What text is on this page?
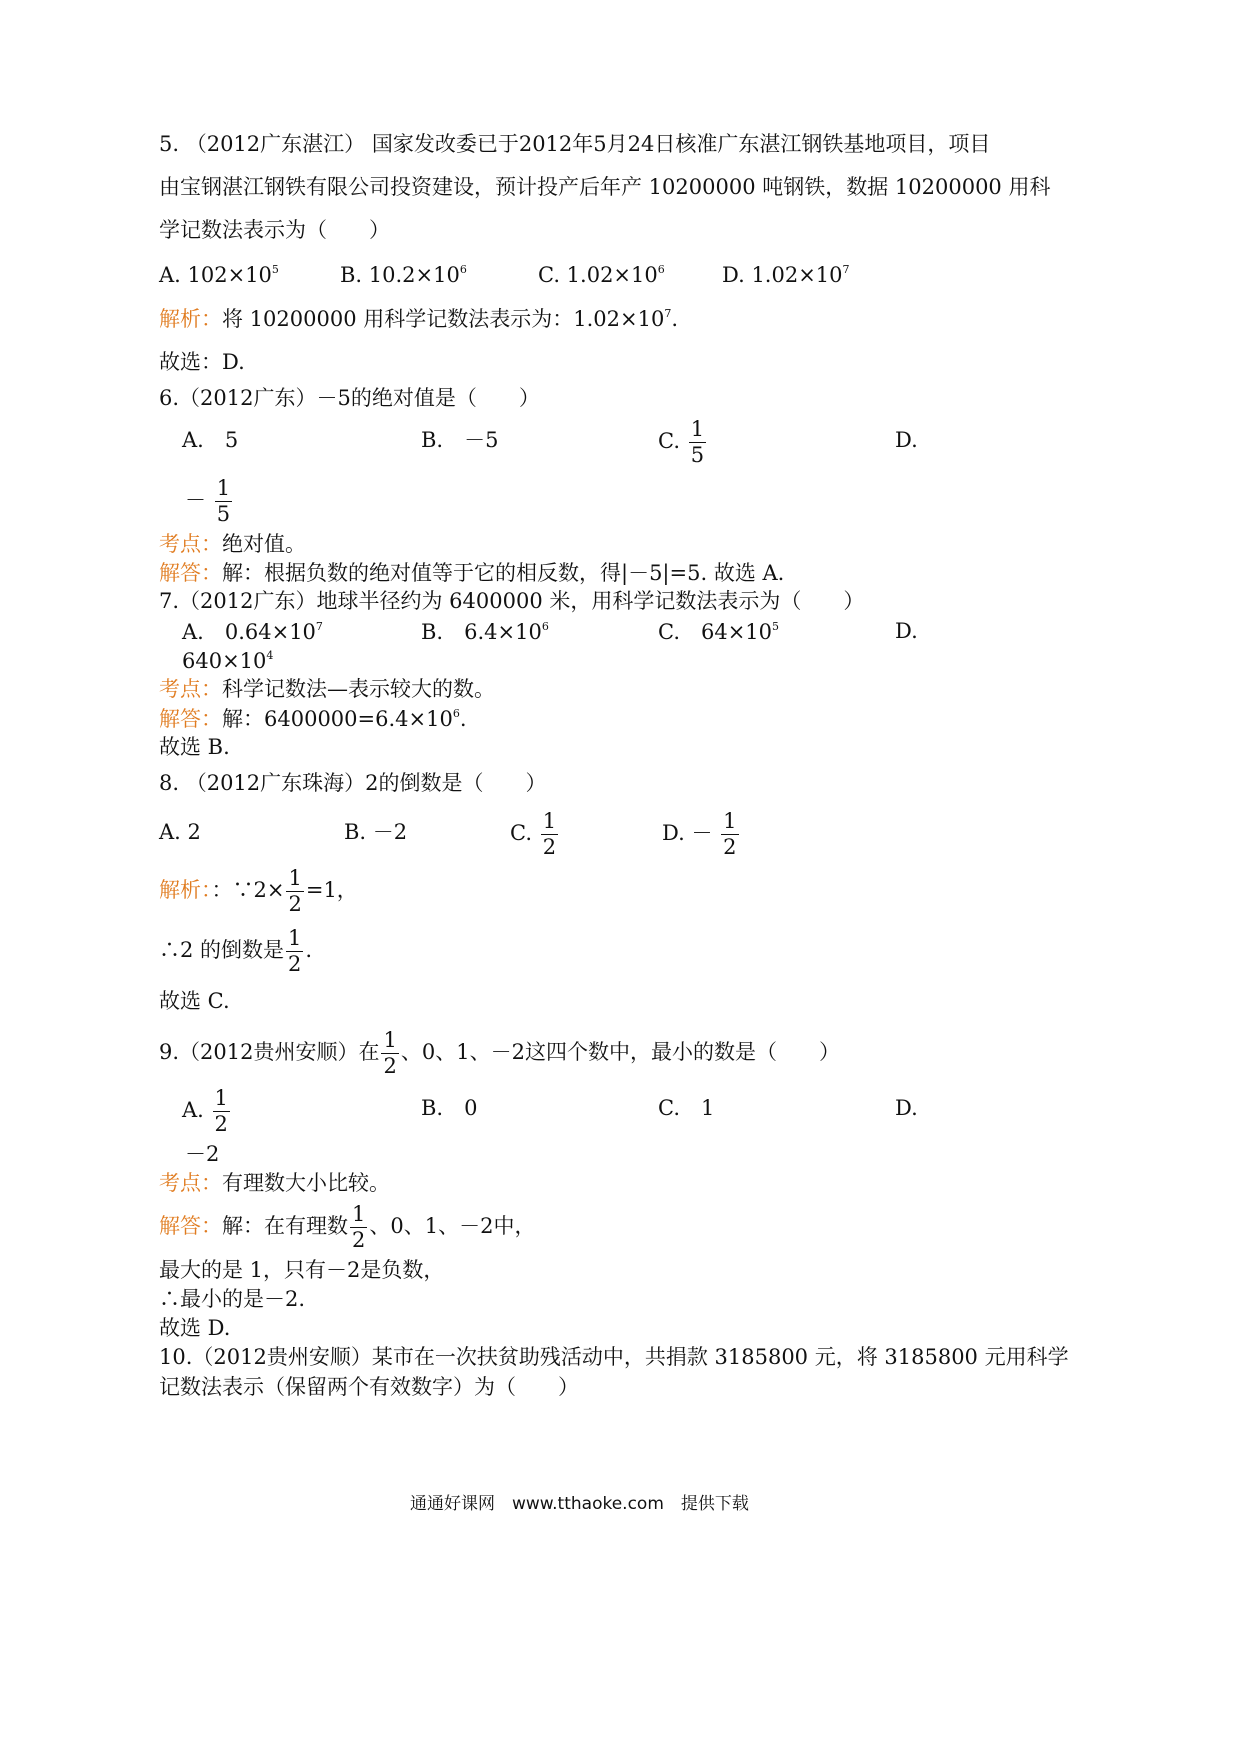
5. （2012广东湛江） 国家发改委已于2012年5月24日核准广东湛江钢铁基地项目，项目
由宝钢湛江钢铁有限公司投资建设，预计投产后年产 10200000 吨钢铁，数据 10200000 用科
学记数法表示为（　　）
A. $102\times 10^5$	B. $10.2\times 10^6$	C. $1.02\times 10^6$	D. $1.02\times 10^7$
解析：将 10200000 用科学记数法表示为：$1.02\times 10^7$.
故选：D.
6.（2012广东）－5的绝对值是（　　）
A.　5	B.　－5	C. $\frac{1}{5}$	D.
－ $\frac{1}{5}$
考点：绝对值。
解答：解：根据负数的绝对值等于它的相反数，得|－5|=5. 故选 A.
7.（2012广东）地球半径约为 6400000 米，用科学记数法表示为（　　）
A.　$0.64\times 10^7$	B.　$6.4\times 10^6$	C.　$64\times 10^5$	D.
$640\times 10^4$
考点：科学记数法—表示较大的数。
解答：解：$6400000=6.4\times 10^6$.
故选 B.
8. （2012广东珠海）2的倒数是（　　）
A. 2	B. －2	C. $\frac{1}{2}$	D. － $\frac{1}{2}$
解析：：∵2× $\frac{1}{2} =1$，
∴2 的倒数是 $\frac{1}{2}$ .
故选 C.
9.（2012贵州安顺）在 $\frac{1}{2}$ 、0、1、－2这四个数中，最小的数是（　　）
A. $\frac{1}{2}$	B.　0	C.　1	D.
－2
考点：有理数大小比较。
解答：解：在有理数 $\frac{1}{2}$ 、0、1、－2中，
最大的是 1，只有－2是负数，
∴最小的是－2.
故选 D.
10.（2012贵州安顺）某市在一次扶贫助残活动中，共捐款 3185800 元，将 3185800 元用科学
记数法表示（保留两个有效数字）为（　　）
通通好课网　www.tthaoke.com　提供下载
